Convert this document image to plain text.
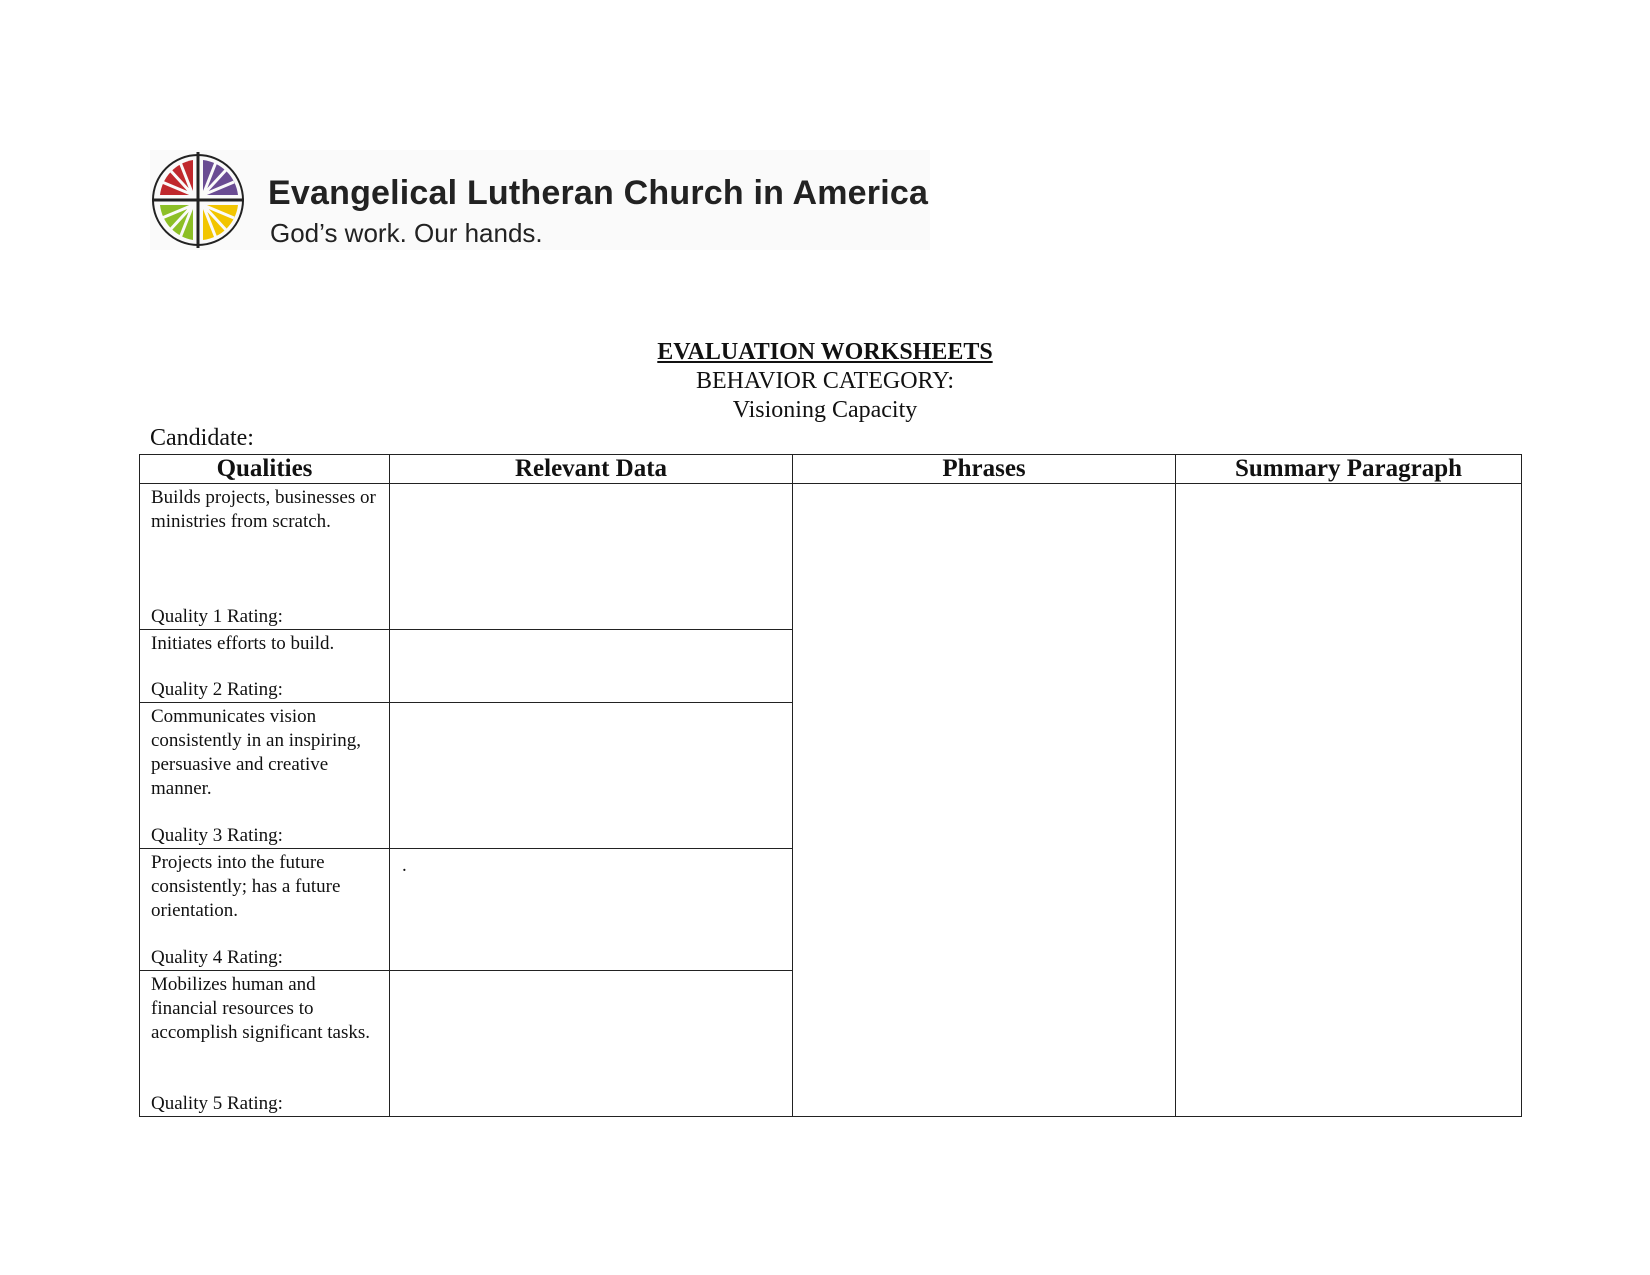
Evangelical Lutheran Church in America
God’s work. Our hands.
EVALUATION WORKSHEETS
BEHAVIOR CATEGORY:
Visioning Capacity
Candidate:
Qualities	Relevant Data	Phrases	Summary Paragraph

Builds projects, businesses or ministries from scratch.
Quality 1 Rating:			

Initiates efforts to build.
Quality 2 Rating:			

Communicates vision consistently in an inspiring, persuasive and creative manner.
Quality 3 Rating:			

Projects into the future consistently; has a future orientation.
Quality 4 Rating:	.		

Mobilizes human and financial resources to accomplish significant tasks.
Quality 5 Rating:			
